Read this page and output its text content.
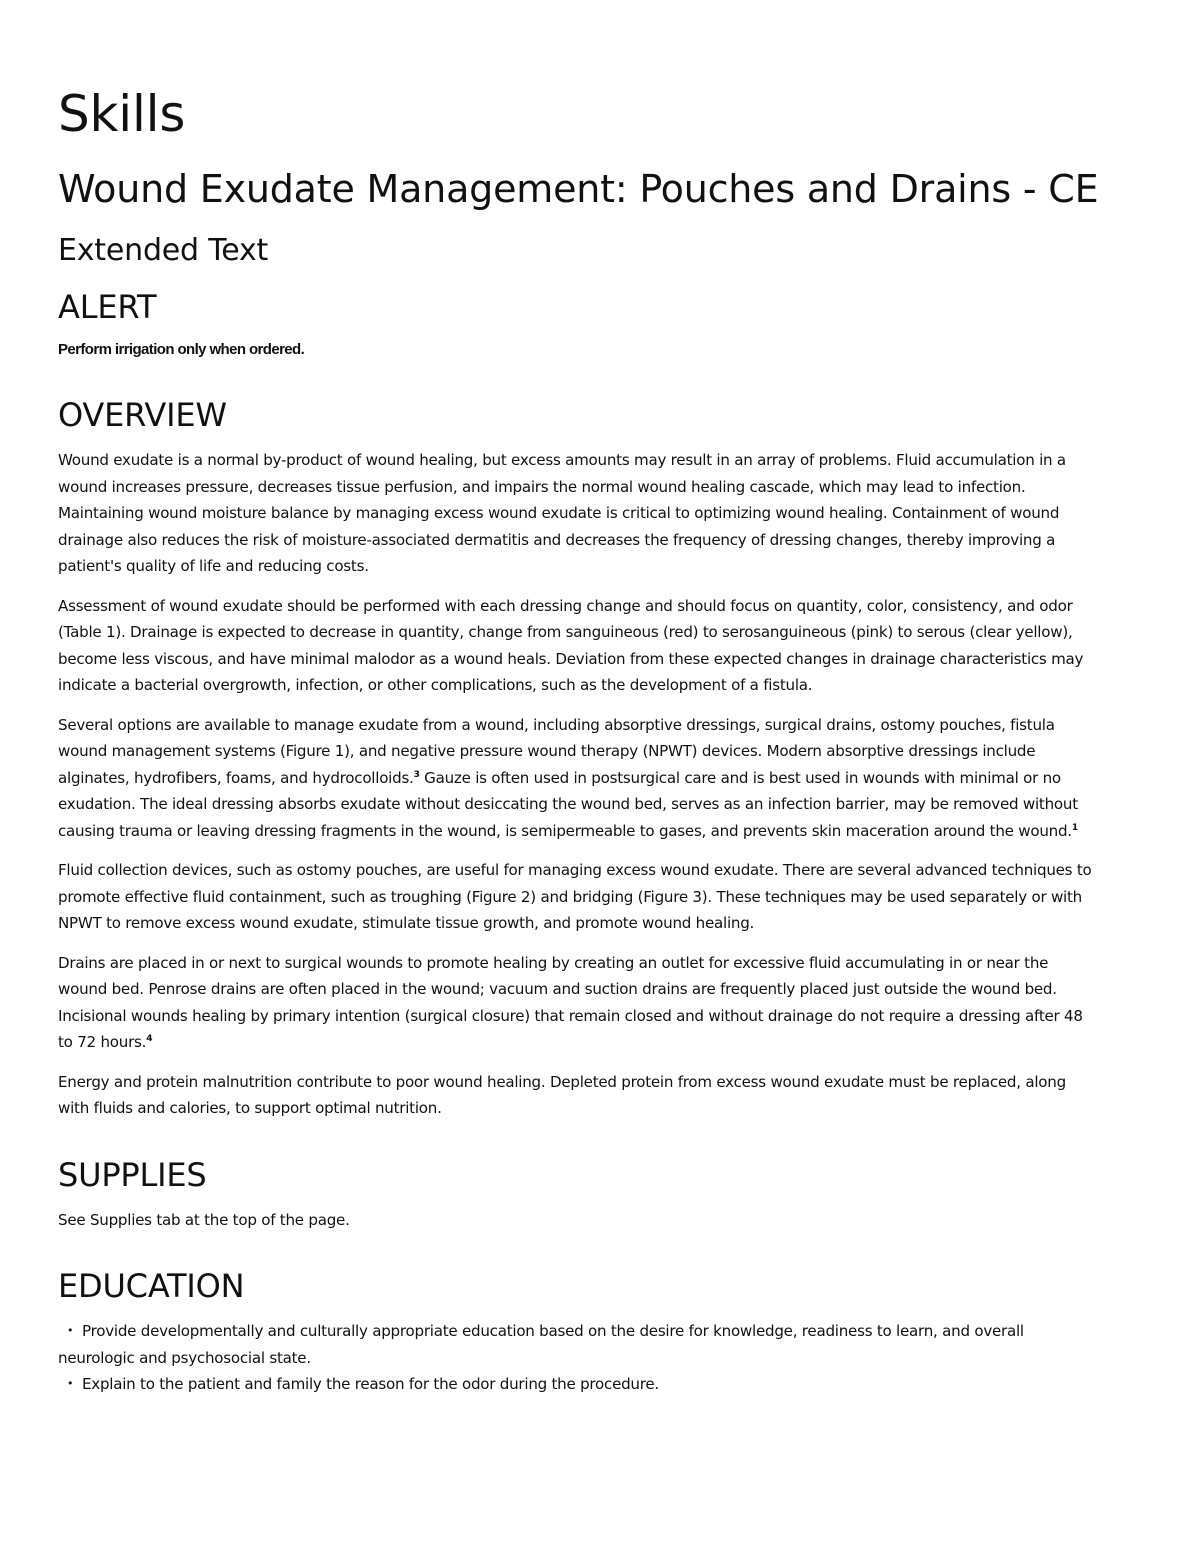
Skills
Wound Exudate Management: Pouches and Drains - CE
Extended Text
ALERT

Perform irrigation only when ordered.

OVERVIEW

Wound exudate is a normal by-product of wound healing, but excess amounts may result in an array of problems. Fluid accumulation in a
wound increases pressure, decreases tissue perfusion, and impairs the normal wound healing cascade, which may lead to infection.
Maintaining wound moisture balance by managing excess wound exudate is critical to optimizing wound healing. Containment of wound
drainage also reduces the risk of moisture-associated dermatitis and decreases the frequency of dressing changes, thereby improving a
patient's quality of life and reducing costs.

Assessment of wound exudate should be performed with each dressing change and should focus on quantity, color, consistency, and odor
(Table 1). Drainage is expected to decrease in quantity, change from sanguineous (red) to serosanguineous (pink) to serous (clear yellow),
become less viscous, and have minimal malodor as a wound heals. Deviation from these expected changes in drainage characteristics may
indicate a bacterial overgrowth, infection, or other complications, such as the development of a fistula.

Several options are available to manage exudate from a wound, including absorptive dressings, surgical drains, ostomy pouches, fistula
wound management systems (Figure 1), and negative pressure wound therapy (NPWT) devices. Modern absorptive dressings include
alginates, hydrofibers, foams, and hydrocolloids.$^3$ Gauze is often used in postsurgical care and is best used in wounds with minimal or no
exudation. The ideal dressing absorbs exudate without desiccating the wound bed, serves as an infection barrier, may be removed without
causing trauma or leaving dressing fragments in the wound, is semipermeable to gases, and prevents skin maceration around the wound.$^1$

Fluid collection devices, such as ostomy pouches, are useful for managing excess wound exudate. There are several advanced techniques to
promote effective fluid containment, such as troughing (Figure 2) and bridging (Figure 3). These techniques may be used separately or with
NPWT to remove excess wound exudate, stimulate tissue growth, and promote wound healing.

Drains are placed in or next to surgical wounds to promote healing by creating an outlet for excessive fluid accumulating in or near the
wound bed. Penrose drains are often placed in the wound; vacuum and suction drains are frequently placed just outside the wound bed.
Incisional wounds healing by primary intention (surgical closure) that remain closed and without drainage do not require a dressing after 48
to 72 hours.$^4$

Energy and protein malnutrition contribute to poor wound healing. Depleted protein from excess wound exudate must be replaced, along
with fluids and calories, to support optimal nutrition.

SUPPLIES

See Supplies tab at the top of the page.

EDUCATION
• Provide developmentally and culturally appropriate education based on the desire for knowledge, readiness to learn, and overall
neurologic and psychosocial state.
• Explain to the patient and family the reason for the odor during the procedure.
